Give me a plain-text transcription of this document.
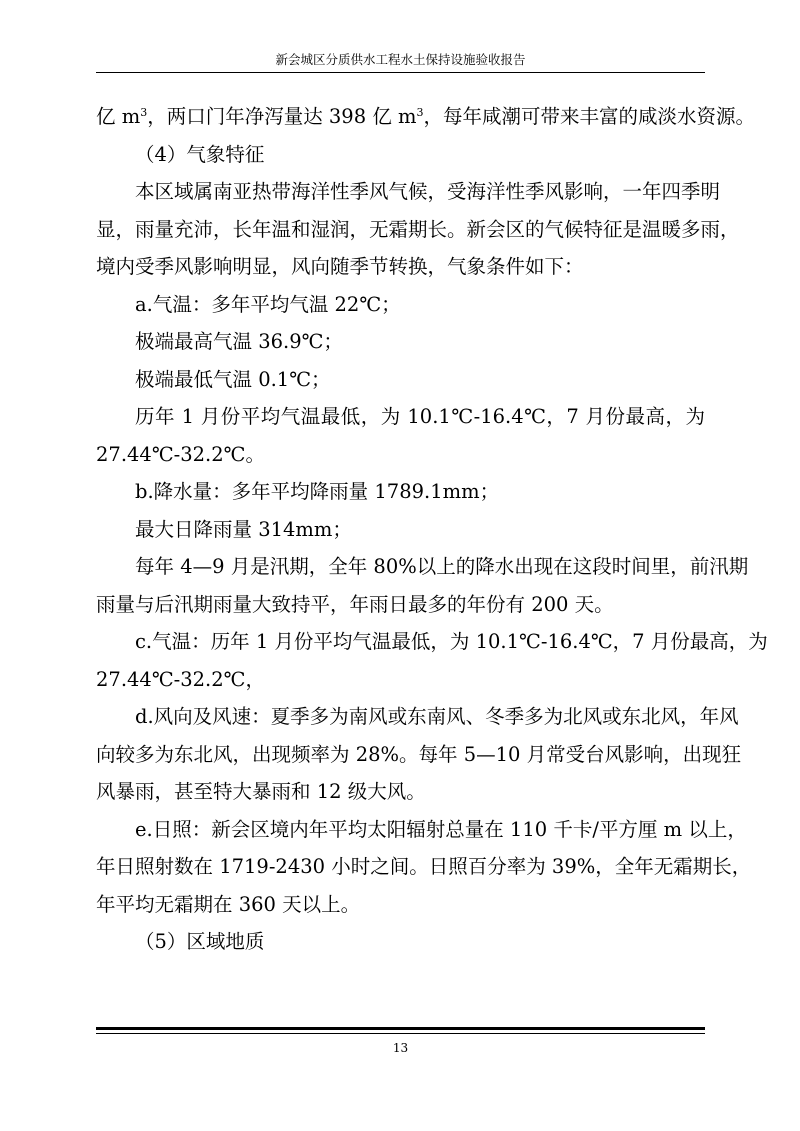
新会城区分质供水工程水土保持设施验收报告

亿 $m^3$，两口门年净泻量达 398 亿 $m^3$，每年咸潮可带来丰富的咸淡水资源。

（4）气象特征

本区域属南亚热带海洋性季风气候，受海洋性季风影响，一年四季明

显，雨量充沛，长年温和湿润，无霜期长。新会区的气候特征是温暖多雨，

境内受季风影响明显，风向随季节转换，气象条件如下：

a.气温：多年平均气温 22℃；

极端最高气温 36.9℃；

极端最低气温 0.1℃；

历年 1 月份平均气温最低，为 10.1℃-16.4℃，7 月份最高，为

27.44℃-32.2℃。

b.降水量：多年平均降雨量 1789.1mm；

最大日降雨量 314mm；

每年 4—9 月是汛期，全年 80%以上的降水出现在这段时间里，前汛期

雨量与后汛期雨量大致持平，年雨日最多的年份有 200 天。

c.气温：历年 1 月份平均气温最低，为 10.1℃-16.4℃，7 月份最高，为

27.44℃-32.2℃，

d.风向及风速：夏季多为南风或东南风、冬季多为北风或东北风，年风

向较多为东北风，出现频率为 28%。每年 5—10 月常受台风影响，出现狂

风暴雨，甚至特大暴雨和 12 级大风。

e.日照：新会区境内年平均太阳辐射总量在 110 千卡/平方厘 m 以上，

年日照射数在 1719-2430 小时之间。日照百分率为 39%，全年无霜期长，

年平均无霜期在 360 天以上。

（5）区域地质

13
